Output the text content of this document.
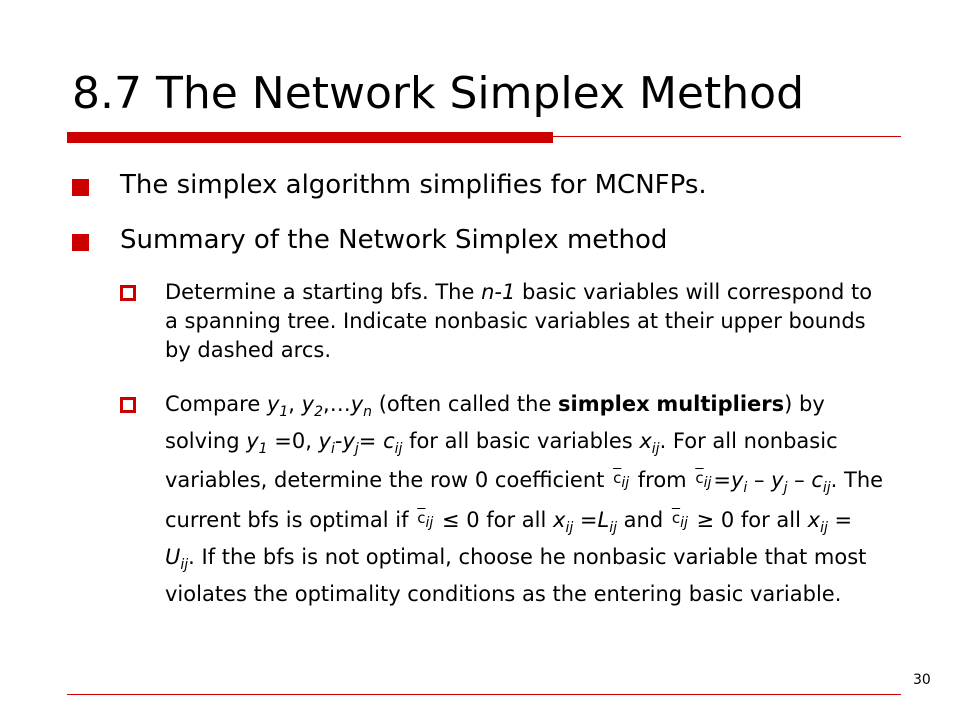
8.7 The Network Simplex Method
The simplex algorithm simplifies for MCNFPs.
Summary of the Network Simplex method
Determine a starting bfs. The n-1 basic variables will correspond to a spanning tree. Indicate nonbasic variables at their upper bounds by dashed arcs.
Compare $y_1$, $y_2,\dots y_n$ (often called the simplex multipliers) by solving $y_1 =0$, $y_i-y_j= c_{ij}$ for all basic variables $x_{ij}$. For all nonbasic variables, determine the row 0 coefficient $\overline{c}_{ij}$ from $\overline{c}_{ij}=y_i - y_j - c_{ij}$. The current bfs is optimal if $\overline{c}_{ij} \le 0$ for all $x_{ij} =L_{ij}$ and $\overline{c}_{ij} \ge 0$ for all $x_{ij} = U_{ij}$. If the bfs is not optimal, choose he nonbasic variable that most violates the optimality conditions as the entering basic variable.
30
